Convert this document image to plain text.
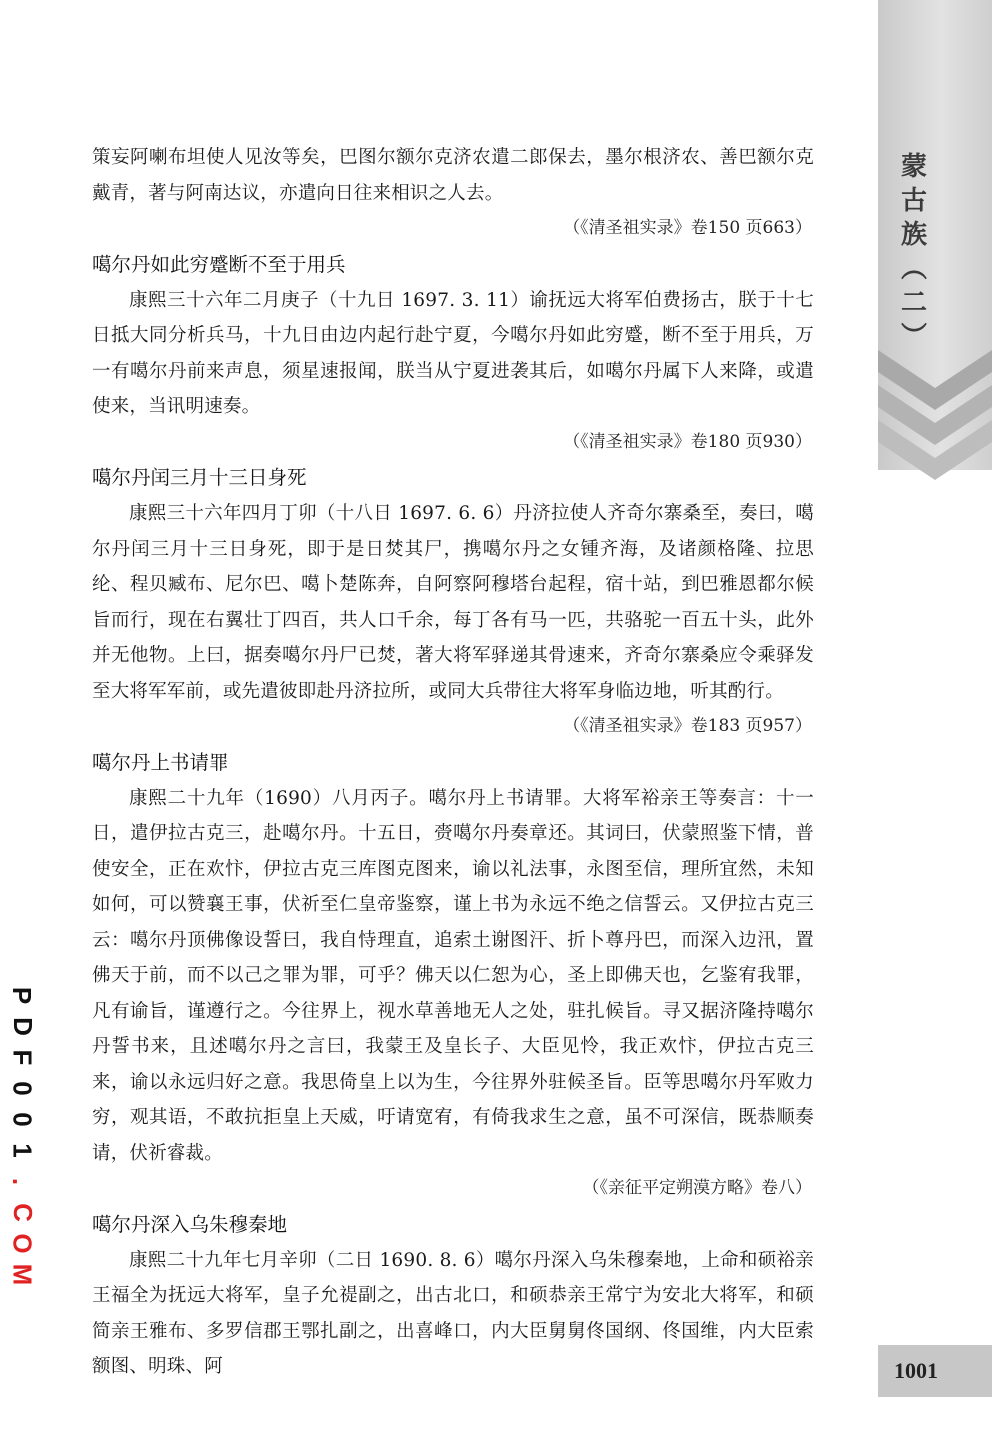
蒙
古
族
︵
二
︶
P
D
F
0
0
1
.
C
O
M

策妄阿喇布坦使人见汝等矣，巴图尔额尔克济农遣二郎保去，墨尔根济农、善巴额尔克戴青，著与阿南达议，亦遣向日往来相识之人去。

（《清圣祖实录》卷150 页663）

噶尔丹如此穷蹙断不至于用兵

康熙三十六年二月庚子（十九日 1697. 3. 11）谕抚远大将军伯费扬古，朕于十七日抵大同分析兵马，十九日由边内起行赴宁夏，今噶尔丹如此穷蹙，断不至于用兵，万一有噶尔丹前来声息，须星速报闻，朕当从宁夏进袭其后，如噶尔丹属下人来降，或遣使来，当讯明速奏。

（《清圣祖实录》卷180 页930）

噶尔丹闰三月十三日身死

康熙三十六年四月丁卯（十八日 1697. 6. 6）丹济拉使人齐奇尔寨桑至，奏曰，噶尔丹闰三月十三日身死，即于是日焚其尸，携噶尔丹之女锺齐海，及诸颜格隆、拉思纶、程贝臧布、尼尔巴、噶卜楚陈奔，自阿察阿穆塔台起程，宿十站，到巴雅恩都尔候旨而行，现在右翼壮丁四百，共人口千余，每丁各有马一匹，共骆驼一百五十头，此外并无他物。上曰，据奏噶尔丹尸已焚，著大将军驿递其骨速来，齐奇尔寨桑应令乘驿发至大将军军前，或先遣彼即赴丹济拉所，或同大兵带往大将军身临边地，听其酌行。

（《清圣祖实录》卷183 页957）

噶尔丹上书请罪

康熙二十九年（1690）八月丙子。噶尔丹上书请罪。大将军裕亲王等奏言：十一日，遣伊拉古克三，赴噶尔丹。十五日，赍噶尔丹奏章还。其词曰，伏蒙照鉴下情，普使安全，正在欢忭，伊拉古克三库图克图来，谕以礼法事，永图至信，理所宜然，未知如何，可以赞襄王事，伏祈至仁皇帝鉴察，谨上书为永远不绝之信誓云。又伊拉古克三云：噶尔丹顶佛像设誓曰，我自恃理直，追索土谢图汗、折卜尊丹巴，而深入边汛，置佛天于前，而不以己之罪为罪，可乎？佛天以仁恕为心，圣上即佛天也，乞鉴宥我罪，凡有谕旨，谨遵行之。今往界上，视水草善地无人之处，驻扎候旨。寻又据济隆持噶尔丹誓书来，且述噶尔丹之言曰，我蒙王及皇长子、大臣见怜，我正欢忭，伊拉古克三来，谕以永远归好之意。我思倚皇上以为生，今往界外驻候圣旨。臣等思噶尔丹军败力穷，观其语，不敢抗拒皇上天威，吁请宽宥，有倚我求生之意，虽不可深信，既恭顺奏请，伏祈睿裁。

（《亲征平定朔漠方略》卷八）

噶尔丹深入乌朱穆秦地

康熙二十九年七月辛卯（二日 1690. 8. 6）噶尔丹深入乌朱穆秦地，上命和硕裕亲王福全为抚远大将军，皇子允禔副之，出古北口，和硕恭亲王常宁为安北大将军，和硕简亲王雅布、多罗信郡王鄂扎副之，出喜峰口，内大臣舅舅佟国纲、佟国维，内大臣索额图、明珠、阿	1001
